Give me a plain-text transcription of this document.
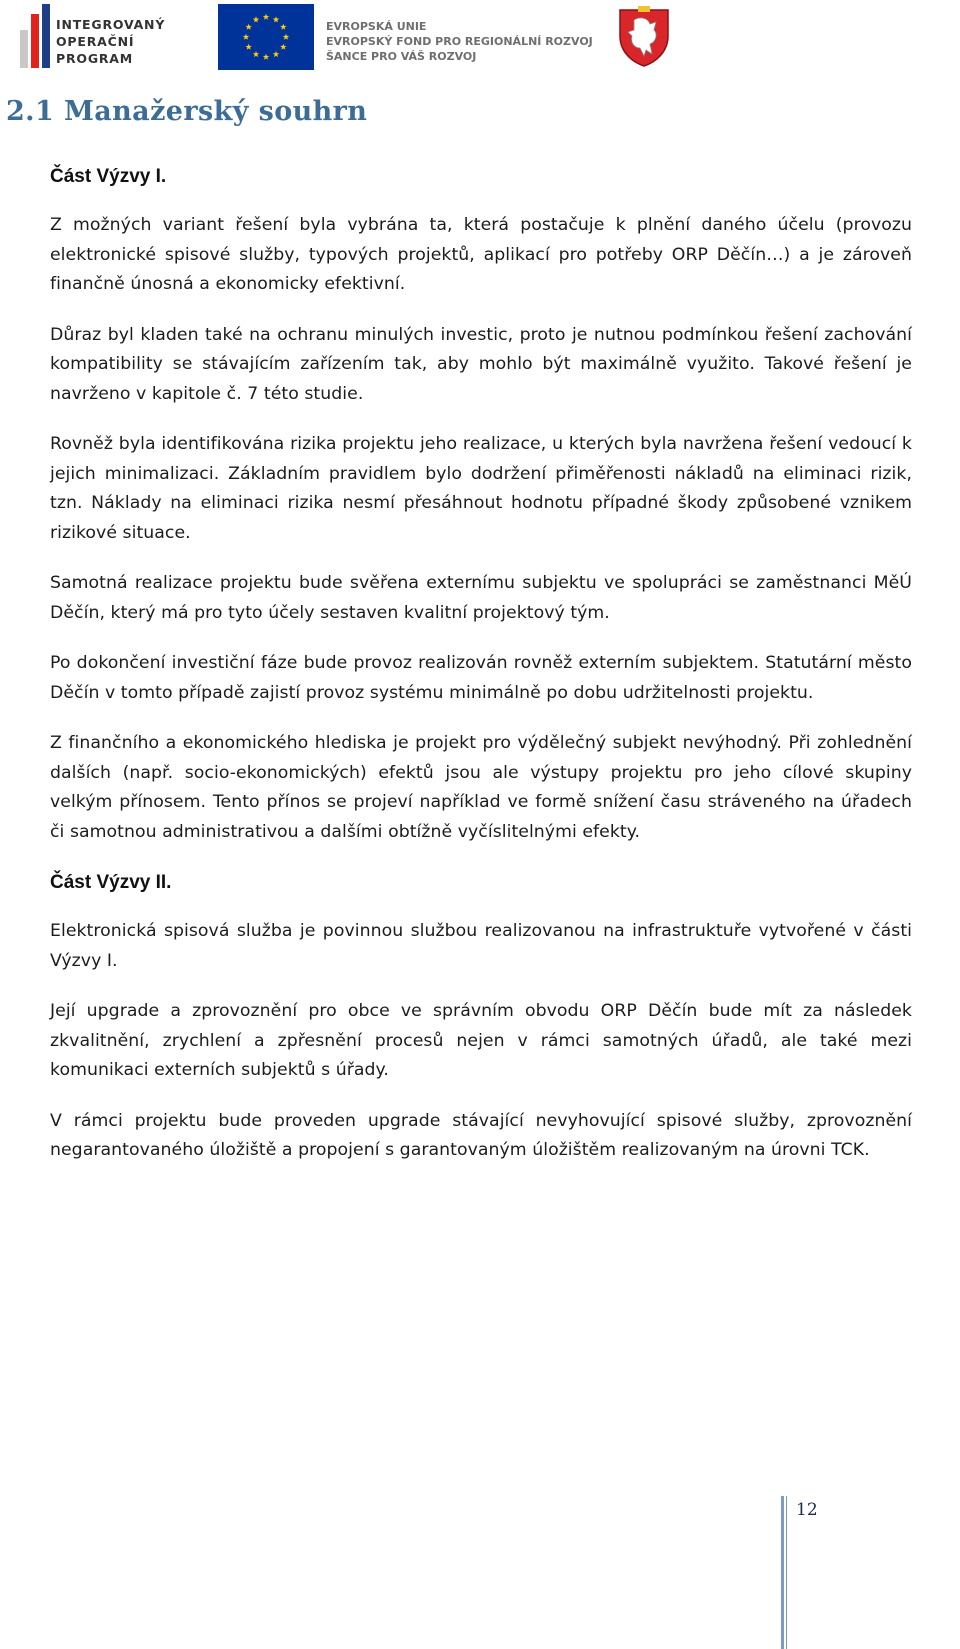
INTEGROVANÝ
OPERAČNÍ
PROGRAM
EVROPSKÁ UNIE
EVROPSKÝ FOND PRO REGIONÁLNÍ ROZVOJ
ŠANCE PRO VÁŠ ROZVOJ
2.1 Manažerský souhrn
Část Výzvy I.

Z možných variant řešení byla vybrána ta, která postačuje k plnění daného účelu (provozu elektronické spisové služby, typových projektů, aplikací pro potřeby ORP Děčín…) a je zároveň finančně únosná a ekonomicky efektivní.

Důraz byl kladen také na ochranu minulých investic, proto je nutnou podmínkou řešení zachování kompatibility se stávajícím zařízením tak, aby mohlo být maximálně využito. Takové řešení je navrženo v kapitole č. 7 této studie.

Rovněž byla identifikována rizika projektu jeho realizace, u kterých byla navržena řešení vedoucí k jejich minimalizaci. Základním pravidlem bylo dodržení přiměřenosti nákladů na eliminaci rizik, tzn. Náklady na eliminaci rizika nesmí přesáhnout hodnotu případné škody způsobené vznikem rizikové situace.

Samotná realizace projektu bude svěřena externímu subjektu ve spolupráci se zaměstnanci MěÚ Děčín, který má pro tyto účely sestaven kvalitní projektový tým.

Po dokončení investiční fáze bude provoz realizován rovněž externím subjektem. Statutární město Děčín v tomto případě zajistí provoz systému minimálně po dobu udržitelnosti projektu.

Z finančního a ekonomického hlediska je projekt pro výdělečný subjekt nevýhodný. Při zohlednění dalších (např. socio-ekonomických) efektů jsou ale výstupy projektu pro jeho cílové skupiny velkým přínosem. Tento přínos se projeví například ve formě snížení času stráveného na úřadech či samotnou administrativou a dalšími obtížně vyčíslitelnými efekty.

Část Výzvy II.

Elektronická spisová služba je povinnou službou realizovanou na infrastruktuře vytvořené v části Výzvy I.

Její upgrade a zprovoznění pro obce ve správním obvodu ORP Děčín bude mít za následek zkvalitnění, zrychlení a zpřesnění procesů nejen v rámci samotných úřadů, ale také mezi komunikaci externích subjektů s úřady.

V rámci projektu bude proveden upgrade stávající nevyhovující spisové služby, zprovoznění negarantovaného úložiště a propojení s garantovaným úložištěm realizovaným na úrovni TCK.

12
